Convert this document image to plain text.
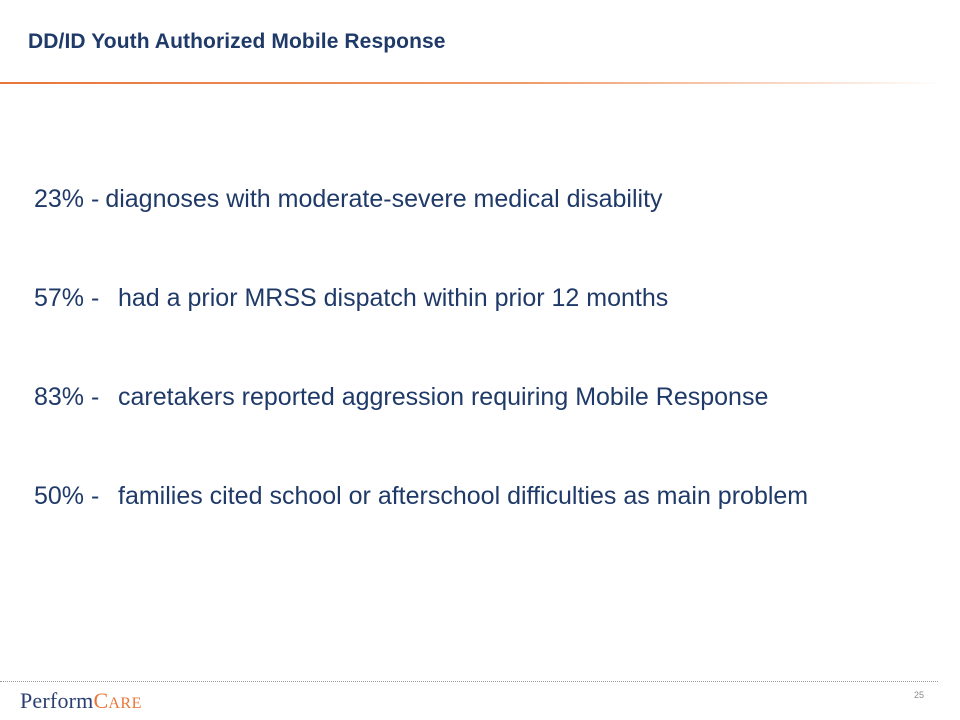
DD/ID Youth Authorized Mobile Response
23% - diagnoses with moderate-severe medical disability
57% - had a prior MRSS dispatch within prior 12 months
83% - caretakers reported aggression requiring Mobile Response
50% - families cited school or afterschool difficulties as main problem
PerformCARE	25
